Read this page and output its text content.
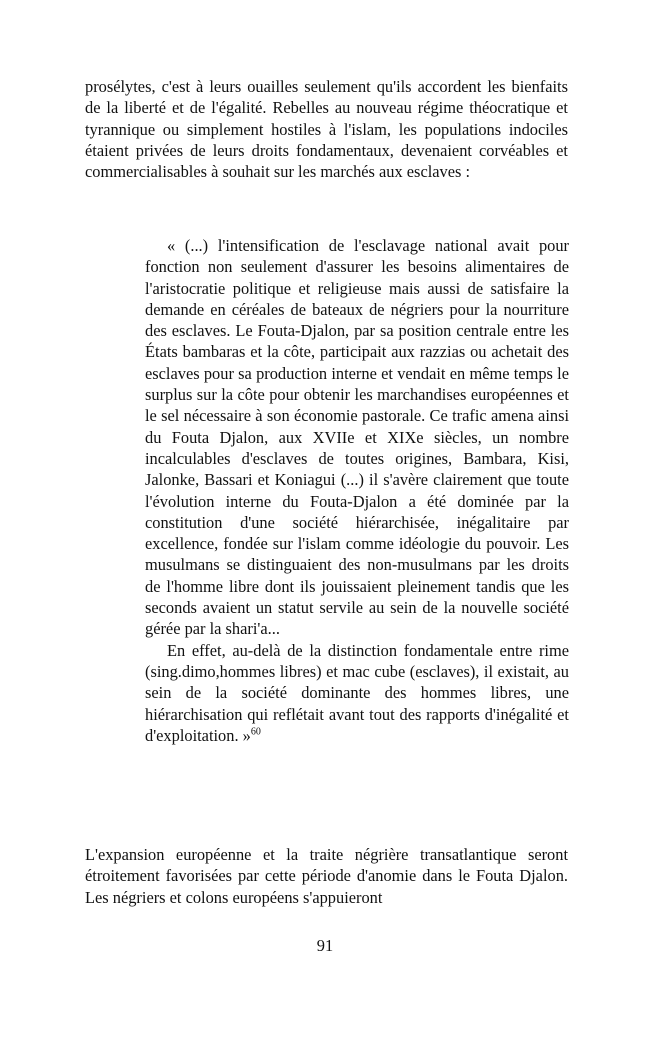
prosélytes, c'est à leurs ouailles seulement qu'ils accordent les bienfaits de la liberté et de l'égalité. Rebelles au nouveau régime théocratique et tyrannique ou simplement hostiles à l'islam, les populations indociles étaient privées de leurs droits fondamentaux, devenaient corvéables et commercialisables à souhait sur les marchés aux esclaves :

« (...) l'intensification de l'esclavage national avait pour fonction non seulement d'assurer les besoins alimentaires de l'aristocratie politique et religieuse mais aussi de satisfaire la demande en céréales de bateaux de négriers pour la nourriture des esclaves. Le Fouta-Djalon, par sa position centrale entre les États bambaras et la côte, participait aux razzias ou achetait des esclaves pour sa production interne et vendait en même temps le surplus sur la côte pour obtenir les marchandises européennes et le sel nécessaire à son économie pastorale. Ce trafic amena ainsi du Fouta Djalon, aux XVIIe et XIXe siècles, un nombre incalculables d'esclaves de toutes origines, Bambara, Kisi, Jalonke, Bassari et Koniagui (...) il s'avère clairement que toute l'évolution interne du Fouta-Djalon a été dominée par la constitution d'une société hiérarchisée, inégalitaire par excellence, fondée sur l'islam comme idéologie du pouvoir. Les musulmans se distinguaient des non-musulmans par les droits de l'homme libre dont ils jouissaient pleinement tandis que les seconds avaient un statut servile au sein de la nouvelle société gérée par la shari'a...

En effet, au-delà de la distinction fondamentale entre rime (sing.dimo,hommes libres) et mac cube (esclaves), il existait, au sein de la société dominante des hommes libres, une hiérarchisation qui reflétait avant tout des rapports d'inégalité et d'exploitation. »$^{60}$

L'expansion européenne et la traite négrière transatlantique seront étroitement favorisées par cette période d'anomie dans le Fouta Djalon. Les négriers et colons européens s'appuieront

91
